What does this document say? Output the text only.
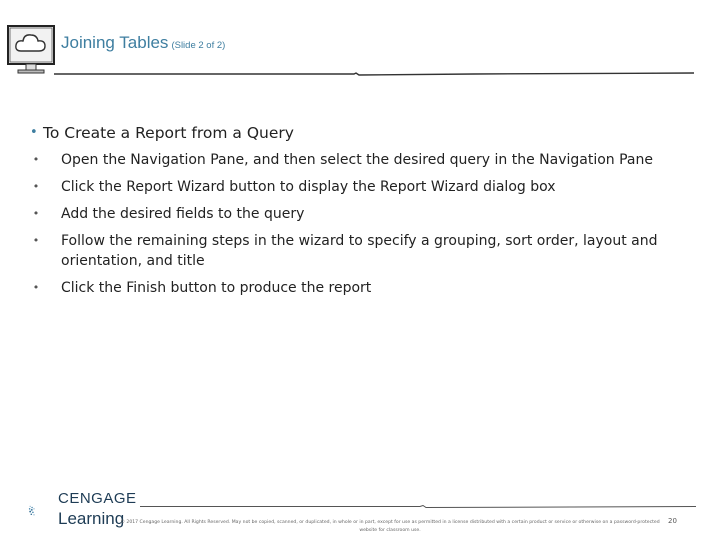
Joining Tables (Slide 2 of 2)
• To Create a Report from a Query
• Open the Navigation Pane, and then select the desired query in the Navigation Pane
• Click the Report Wizard button to display the Report Wizard dialog box
• Add the desired fields to the query
• Follow the remaining steps in the wizard to specify a grouping, sort order, layout and orientation, and title
• Click the Finish button to produce the report
CENGAGE
Learning
© 2017 Cengage Learning. All Rights Reserved. May not be copied, scanned, or duplicated, in whole or in part, except for use as permitted in a license distributed with a certain product or service or otherwise on a password-protected website for classroom use.
20
